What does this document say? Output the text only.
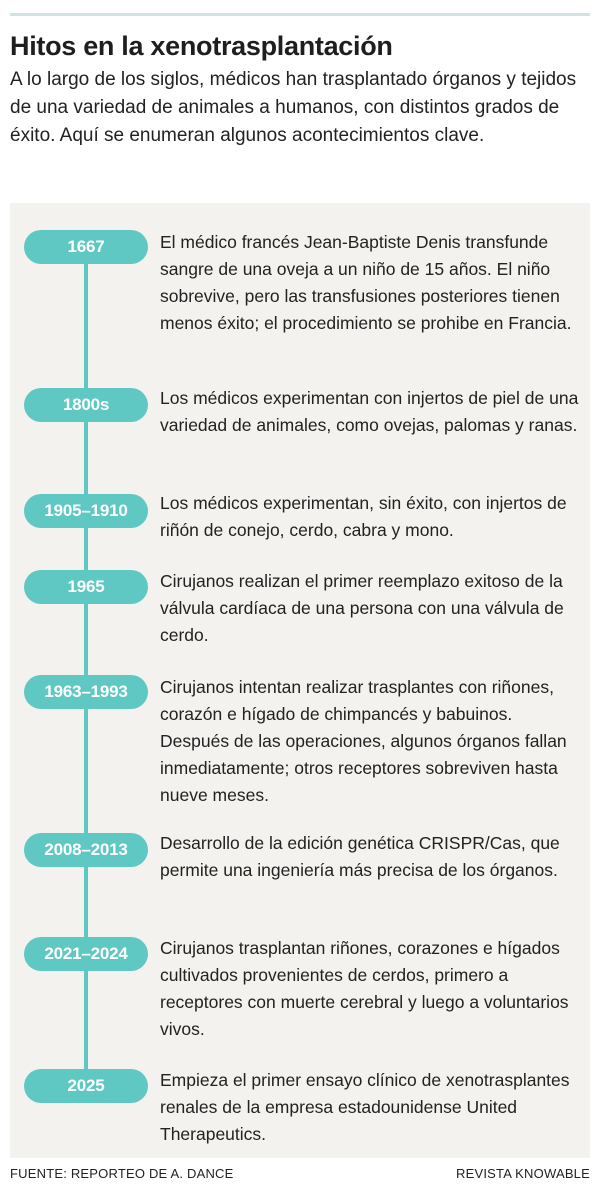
Hitos en la xenotrasplantación

A lo largo de los siglos, médicos han trasplantado órganos y tejidos de una variedad de animales a humanos, con distintos grados de éxito. Aquí se enumeran algunos acontecimientos clave.

1667	El médico francés Jean-Baptiste Denis transfunde sangre de una oveja a un niño de 15 años. El niño sobrevive, pero las transfusiones posteriores tienen menos éxito; el procedimiento se prohibe en Francia.

1800s	Los médicos experimentan con injertos de piel de una variedad de animales, como ovejas, palomas y ranas.

1905–1910	Los médicos experimentan, sin éxito, con injertos de riñón de conejo, cerdo, cabra y mono.

1965	Cirujanos realizan el primer reemplazo exitoso de la válvula cardíaca de una persona con una válvula de cerdo.

1963–1993	Cirujanos intentan realizar trasplantes con riñones, corazón e hígado de chimpancés y babuinos. Después de las operaciones, algunos órganos fallan inmediatamente; otros receptores sobreviven hasta nueve meses.

2008–2013	Desarrollo de la edición genética CRISPR/Cas, que permite una ingeniería más precisa de los órganos.

2021–2024	Cirujanos trasplantan riñones, corazones e hígados cultivados provenientes de cerdos, primero a receptores con muerte cerebral y luego a voluntarios vivos.

2025	Empieza el primer ensayo clínico de xenotrasplantes renales de la empresa estadounidense United Therapeutics.

FUENTE: REPORTEO DE A. DANCE	REVISTA KNOWABLE
